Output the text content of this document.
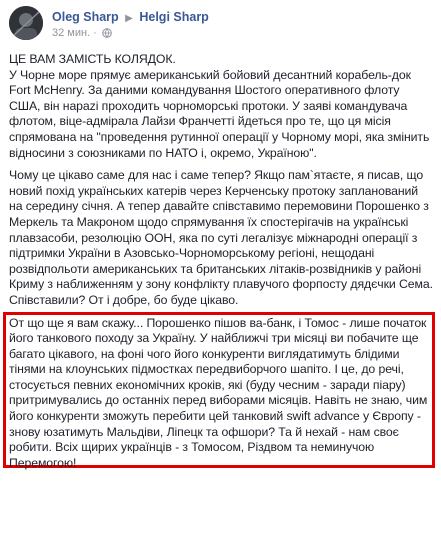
Oleg Sharp ▶ Helgi Sharp
32 мин. ·

ЦЕ ВАМ ЗАМІСТЬ КОЛЯДОК.
У Чорне море прямує американський бойовий десантний корабель-док Fort McHenry. За даними командування Шостого оперативного флоту США, він нарazі проходить чорноморські протоки. У заяві командувача флотом, віце-адмірала Лайзи Франчетті йдеться про те, що ця місія спрямована на "проведення рутинної операції у Чорному морі, яка змінить відносини з союзниками по НАТО і, окремо, Україною".

Чому це цікаво саме для нас і саме тепер? Якщо пам`ятаєте, я писав, що новий похід українських катерів через Керченську протоку запланований на середину січня. А тепер давайте співставимо перемовини Порошенко з Меркель та Макроном щодо спрямування їх спостерігачів на українські плавзасоби, резолюцію ООН, яка по суті легалізує міжнародні операції з підтримки України в Азовсько-Чорноморському регіоні, нещодані розвідпольоти американських та британських літаків-розвідників у районі Криму з наближенням у зону конфлікту плавучого форпосту дядєчки Сема. Співставили? От і добре, бо буде цікаво.

От що ще я вам скажу... Порошенко пішов ва-банк, і Томос - лише початок його танкового походу за Україну. У найближчі три місяці ви побачите ще багато цікавого, на фоні чого його конкуренти виглядатимуть блідими тінями на клоунських підмостках передвиборчого шапіто. І це, до речі, стосується певних економічних кроків, які (буду чесним - заради піару) притримувались до останніх перед виборами місяців. Навіть не знаю, чим його конкуренти зможуть перебити цей танковий swift advance у Європу - знову юзатимуть Мальдіви, Ліпецк та офшори? Та й нехай - нам своє робити. Всіх щирих українців - з Томосом, Різдвом та неминучою Перемогою!
